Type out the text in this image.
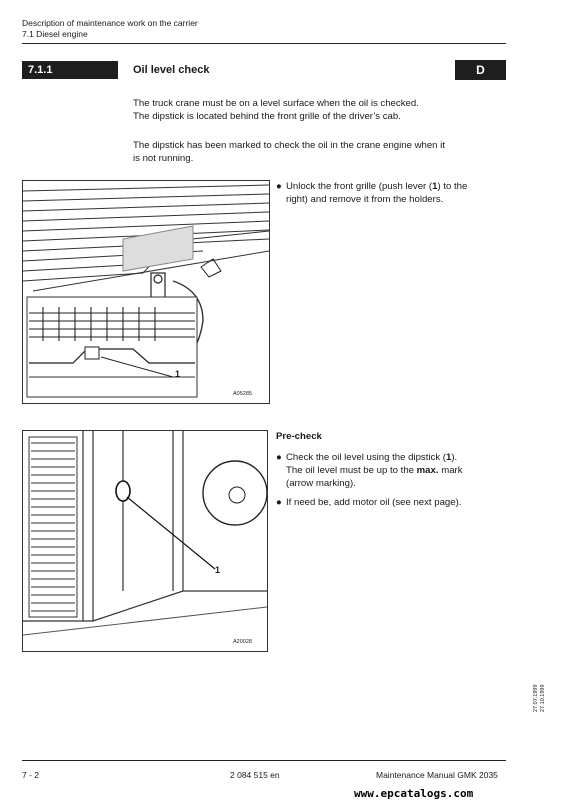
Description of maintenance work on the carrier
7.1 Diesel engine
7.1.1	Oil level check	D
The truck crane must be on a level surface when the oil is checked.
The dipstick is located behind the front grille of the driver’s cab.
The dipstick has been marked to check the oil in the crane engine when it
is not running.
1
A05285
● Unlock the front grille (push lever (1) to the
right) and remove it from the holders.
1
A20028
Pre-check
● Check the oil level using the dipstick (1).
The oil level must be up to the max. mark
(arrow marking).
● If need be, add motor oil (see next page).
27.07.1999 27.10.1999
7 - 2	2 084 515 en	Maintenance Manual GMK 2035
www.epcatalogs.com
